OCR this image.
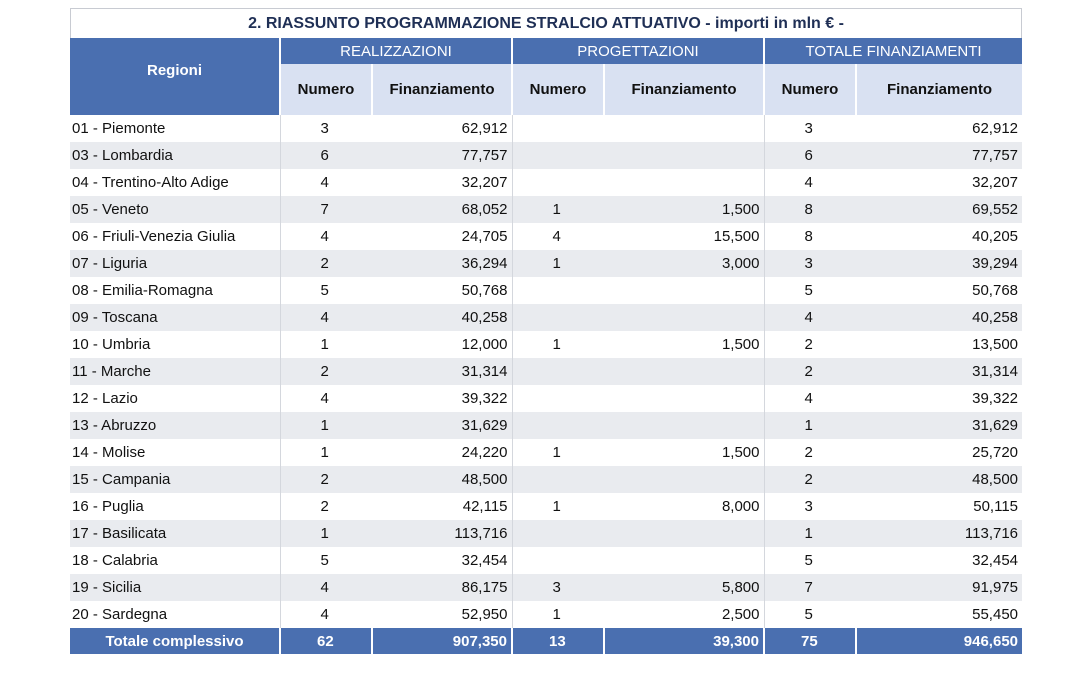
2. RIASSUNTO PROGRAMMAZIONE STRALCIO ATTUATIVO - importi in mln € -
Regioni	REALIZZAZIONI		PROGETTAZIONI		TOTALE FINANZIAMENTI	
	Numero	Finanziamento	Numero	Finanziamento	Numero	Finanziamento
01 - Piemonte	3	62,912			3	62,912
03 - Lombardia	6	77,757			6	77,757
04 - Trentino-Alto Adige	4	32,207			4	32,207
05 - Veneto	7	68,052	1	1,500	8	69,552
06 - Friuli-Venezia Giulia	4	24,705	4	15,500	8	40,205
07 - Liguria	2	36,294	1	3,000	3	39,294
08 - Emilia-Romagna	5	50,768			5	50,768
09 - Toscana	4	40,258			4	40,258
10 - Umbria	1	12,000	1	1,500	2	13,500
11 - Marche	2	31,314			2	31,314
12 - Lazio	4	39,322			4	39,322
13 - Abruzzo	1	31,629			1	31,629
14 - Molise	1	24,220	1	1,500	2	25,720
15 - Campania	2	48,500			2	48,500
16 - Puglia	2	42,115	1	8,000	3	50,115
17 - Basilicata	1	113,716			1	113,716
18 - Calabria	5	32,454			5	32,454
19 - Sicilia	4	86,175	3	5,800	7	91,975
20 - Sardegna	4	52,950	1	2,500	5	55,450
Totale complessivo	62	907,350	13	39,300	75	946,650
